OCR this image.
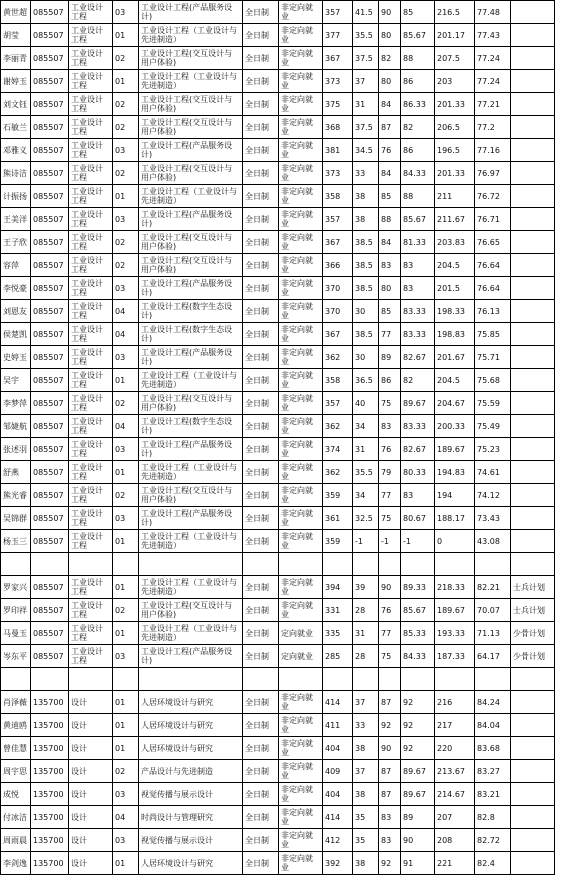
黄世超	085507	工业设计工程	03	工业设计工程(产品服务设计)	全日制	非定向就业	357	41.5	90	85	216.5	77.48	
胡莹	085507	工业设计工程	01	工业设计工程（工业设计与先进制造）	全日制	非定向就业	377	35.5	80	85.67	201.17	77.43	
李丽青	085507	工业设计工程	02	工业设计工程(交互设计与用户体验)	全日制	非定向就业	367	37.5	82	88	207.5	77.24	
谢婷玉	085507	工业设计工程	01	工业设计工程（工业设计与先进制造）	全日制	非定向就业	373	37	80	86	203	77.24	
刘文钰	085507	工业设计工程	02	工业设计工程(交互设计与用户体验)	全日制	非定向就业	375	31	84	86.33	201.33	77.21	
石敏兰	085507	工业设计工程	02	工业设计工程(交互设计与用户体验)	全日制	非定向就业	368	37.5	87	82	206.5	77.2	
邓雅义	085507	工业设计工程	03	工业设计工程(产品服务设计)	全日制	非定向就业	381	34.5	76	86	196.5	77.16	
熊诗洁	085507	工业设计工程	02	工业设计工程(交互设计与用户体验)	全日制	非定向就业	373	33	84	84.33	201.33	76.97	
计振扬	085507	工业设计工程	01	工业设计工程（工业设计与先进制造）	全日制	非定向就业	358	38	85	88	211	76.72	
王美洋	085507	工业设计工程	03	工业设计工程(产品服务设计)	全日制	非定向就业	357	38	88	85.67	211.67	76.71	
王子欣	085507	工业设计工程	02	工业设计工程(交互设计与用户体验)	全日制	非定向就业	367	38.5	84	81.33	203.83	76.65	
容萍	085507	工业设计工程	02	工业设计工程(交互设计与用户体验)	全日制	非定向就业	366	38.5	83	83	204.5	76.64	
李悦豪	085507	工业设计工程	03	工业设计工程(产品服务设计)	全日制	非定向就业	370	38.5	80	83	201.5	76.64	
刘恩友	085507	工业设计工程	04	工业设计工程(数字生态设计)	全日制	非定向就业	370	30	85	83.33	198.33	76.13	
侯楚凯	085507	工业设计工程	04	工业设计工程(数字生态设计)	全日制	非定向就业	367	38.5	77	83.33	198.83	75.85	
史婷玉	085507	工业设计工程	03	工业设计工程(产品服务设计)	全日制	非定向就业	362	30	89	82.67	201.67	75.71	
吴宇	085507	工业设计工程	01	工业设计工程（工业设计与先进制造）	全日制	非定向就业	358	36.5	86	82	204.5	75.68	
李梦萍	085507	工业设计工程	02	工业设计工程(交互设计与用户体验)	全日制	非定向就业	357	40	75	89.67	204.67	75.59	
邹婕航	085507	工业设计工程	04	工业设计工程(数字生态设计)	全日制	非定向就业	362	34	83	83.33	200.33	75.49	
张述羽	085507	工业设计工程	03	工业设计工程(产品服务设计)	全日制	非定向就业	374	31	76	82.67	189.67	75.23	
舒燕	085507	工业设计工程	01	工业设计工程（工业设计与先进制造）	全日制	非定向就业	362	35.5	79	80.33	194.83	74.61	
熊光睿	085507	工业设计工程	02	工业设计工程(交互设计与用户体验)	全日制	非定向就业	359	34	77	83	194	74.12	
吴锦群	085507	工业设计工程	03	工业设计工程(产品服务设计)	全日制	非定向就业	361	32.5	75	80.67	188.17	73.43	
杨玉三	085507	工业设计工程	01	工业设计工程（工业设计与先进制造）	全日制	非定向就业	359	-1	-1	-1	0	43.08	

罗家兴	085507	工业设计工程	01	工业设计工程（工业设计与先进制造）	全日制	非定向就业	394	39	90	89.33	218.33	82.21	士兵计划
罗印祥	085507	工业设计工程	02	工业设计工程(交互设计与用户体验)	全日制	非定向就业	331	28	76	85.67	189.67	70.07	士兵计划
马曼玉	085507	工业设计工程	01	工业设计工程（工业设计与先进制造）	全日制	定向就业	335	31	77	85.33	193.33	71.13	少骨计划
岑东平	085507	工业设计工程	03	工业设计工程(产品服务设计)	全日制	定向就业	285	28	75	84.33	187.33	64.17	少骨计划

肖泽薇	135700	设计	01	人居环境设计与研究	全日制	非定向就业	414	37	87	92	216	84.24	
黄迪鸥	135700	设计	01	人居环境设计与研究	全日制	非定向就业	411	33	92	92	217	84.04	
曾佳慧	135700	设计	01	人居环境设计与研究	全日制	非定向就业	404	38	90	92	220	83.68	
周宇思	135700	设计	02	产品设计与先进制造	全日制	非定向就业	409	37	87	89.67	213.67	83.27	
成悦	135700	设计	03	视觉传播与展示设计	全日制	非定向就业	404	38	87	89.67	214.67	83.21	
付冰洁	135700	设计	04	时尚设计与管理研究	全日制	非定向就业	414	35	83	89	207	82.8	
周雨晨	135700	设计	03	视觉传播与展示设计	全日制	非定向就业	412	35	83	90	208	82.72	
李剑逸	135700	设计	01	人居环境设计与研究	全日制	非定向就业	392	38	92	91	221	82.4	
